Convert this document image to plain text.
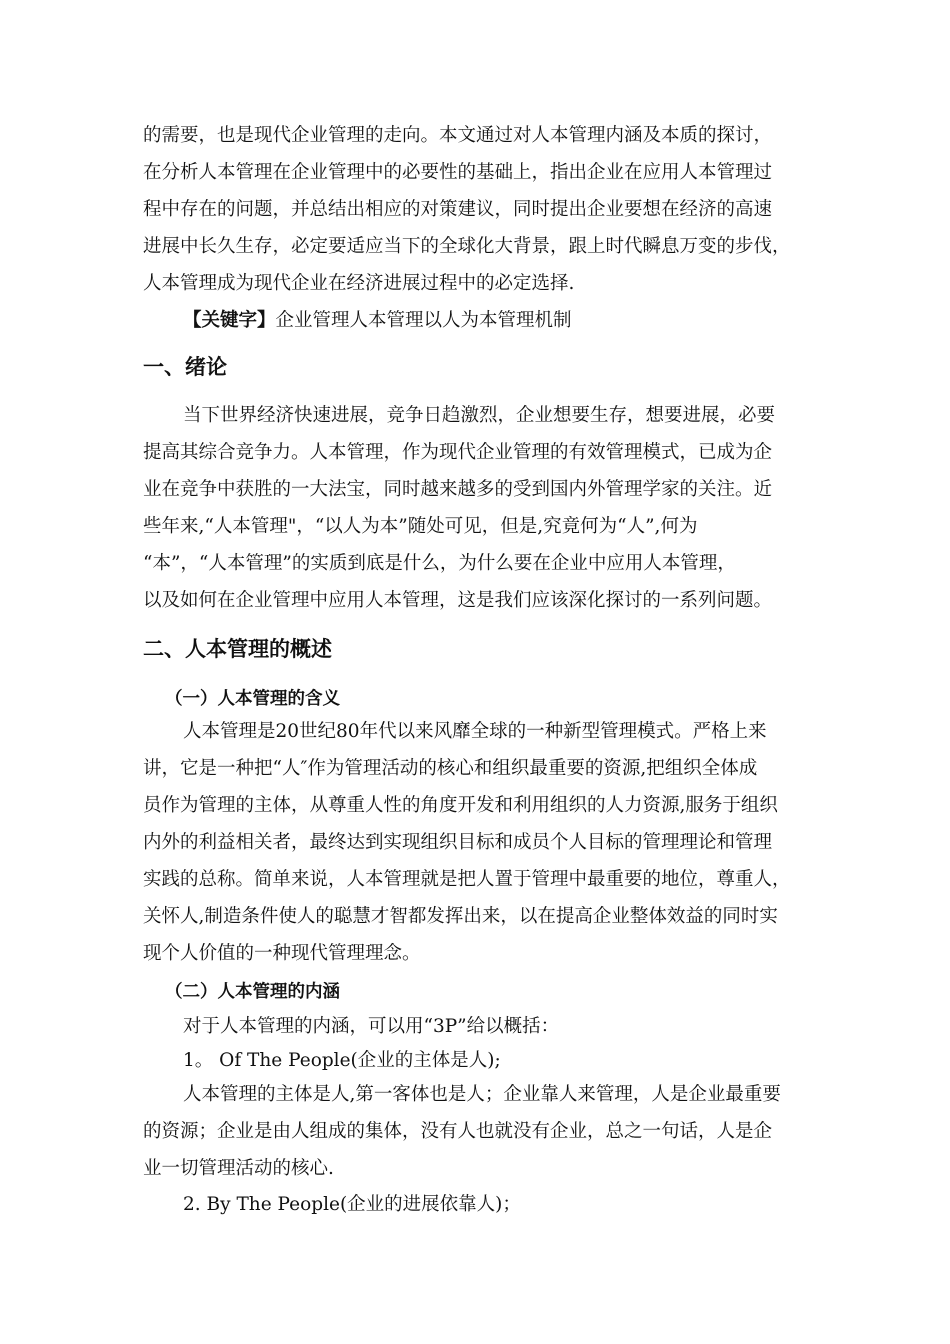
的需要，也是现代企业管理的走向。本文通过对人本管理内涵及本质的探讨，
在分析人本管理在企业管理中的必要性的基础上，指出企业在应用人本管理过
程中存在的问题，并总结出相应的对策建议，同时提出企业要想在经济的高速
进展中长久生存，必定要适应当下的全球化大背景，跟上时代瞬息万变的步伐，
人本管理成为现代企业在经济进展过程中的必定选择.
【关键字】企业管理人本管理以人为本管理机制
一、绪论
当下世界经济快速进展，竞争日趋激烈，企业想要生存，想要进展，必要
提高其综合竞争力。人本管理，作为现代企业管理的有效管理模式，已成为企
业在竞争中获胜的一大法宝，同时越来越多的受到国内外管理学家的关注。近
些年来,“人本管理"，“以人为本”随处可见，但是,究竟何为“人”,何为
“本”，“人本管理”的实质到底是什么，为什么要在企业中应用人本管理，
以及如何在企业管理中应用人本管理，这是我们应该深化探讨的一系列问题。
二、人本管理的概述
（一）人本管理的含义
人本管理是20世纪80年代以来风靡全球的一种新型管理模式。严格上来
讲，它是一种把“人″作为管理活动的核心和组织最重要的资源,把组织全体成
员作为管理的主体，从尊重人性的角度开发和利用组织的人力资源,服务于组织
内外的利益相关者，最终达到实现组织目标和成员个人目标的管理理论和管理
实践的总称。简单来说，人本管理就是把人置于管理中最重要的地位，尊重人，
关怀人,制造条件使人的聪慧才智都发挥出来，以在提高企业整体效益的同时实
现个人价值的一种现代管理理念。
（二）人本管理的内涵
对于人本管理的内涵，可以用“3P”给以概括：
1。 Of The People(企业的主体是人);
人本管理的主体是人,第一客体也是人；企业靠人来管理，人是企业最重要
的资源；企业是由人组成的集体，没有人也就没有企业，总之一句话，人是企
业一切管理活动的核心.
2. By The People(企业的进展依靠人)；
